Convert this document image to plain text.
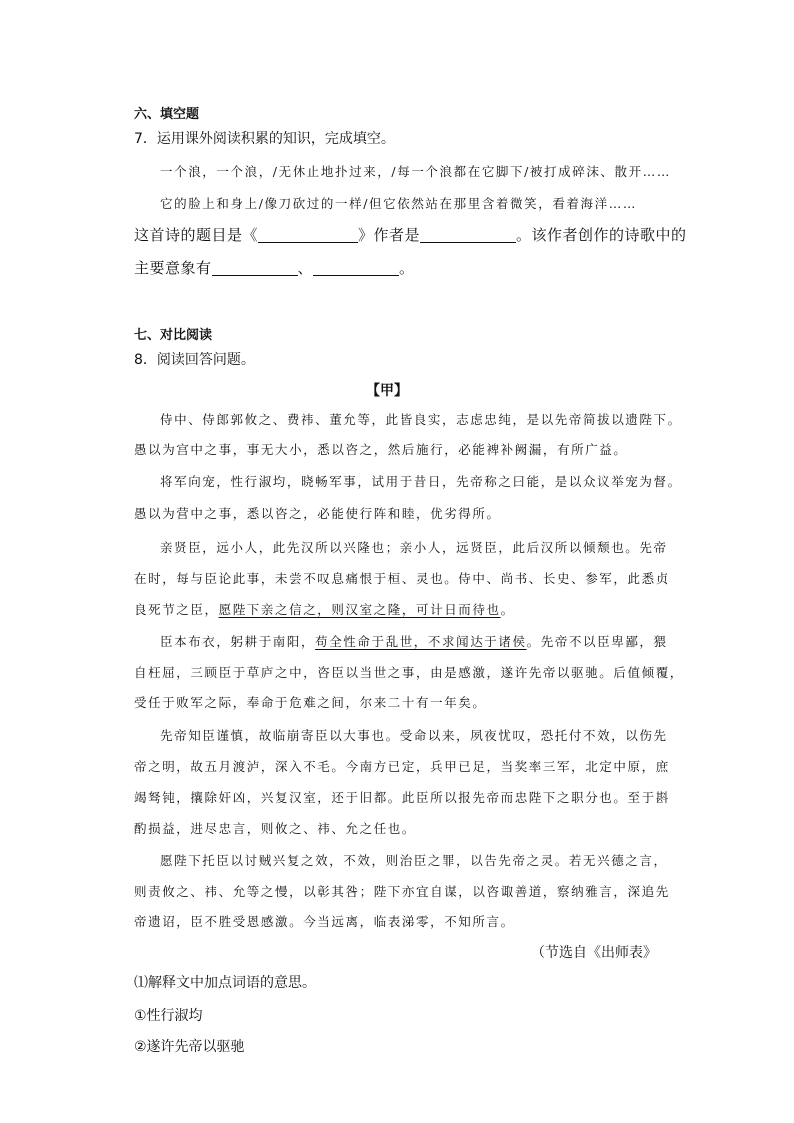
六、填空题
7．运用课外阅读积累的知识，完成填空。
一个浪，一个浪，/无休止地扑过来，/每一个浪都在它脚下/被打成碎沫、散开……
它的脸上和身上/像刀砍过的一样/但它依然站在那里含着微笑，看着海洋……
这首诗的题目是《	》作者是	。该作者创作的诗歌中的
主要意象有	、	。
七、对比阅读
8．阅读回答问题。
【甲】
侍中、侍郎郭攸之、费祎、董允等，此皆良实，志虑忠纯，是以先帝简拔以遗陛下。
愚以为宫中之事，事无大小，悉以咨之，然后施行，必能裨补阙漏，有所广益。
将军向宠，性行淑均，晓畅军事，试用于昔日，先帝称之曰能，是以众议举宠为督。
愚以为营中之事，悉以咨之，必能使行阵和睦，优劣得所。
亲贤臣，远小人，此先汉所以兴隆也；亲小人，远贤臣，此后汉所以倾颓也。先帝
在时，每与臣论此事，未尝不叹息痛恨于桓、灵也。侍中、尚书、长史、参军，此悉贞
良死节之臣，愿陛下亲之信之，则汉室之隆，可计日而待也。
臣本布衣，躬耕于南阳，苟全性命于乱世，不求闻达于诸侯。先帝不以臣卑鄙，猥
自枉屈，三顾臣于草庐之中，咨臣以当世之事，由是感激，遂许先帝以驱驰。后值倾覆，
受任于败军之际，奉命于危难之间，尔来二十有一年矣。
先帝知臣谨慎，故临崩寄臣以大事也。受命以来，夙夜忧叹，恐托付不效，以伤先
帝之明，故五月渡泸，深入不毛。今南方已定，兵甲已足，当奖率三军，北定中原，庶
竭驽钝，攘除奸凶，兴复汉室，还于旧都。此臣所以报先帝而忠陛下之职分也。至于斟
酌损益，进尽忠言，则攸之、祎、允之任也。
愿陛下托臣以讨贼兴复之效，不效，则治臣之罪，以告先帝之灵。若无兴德之言，
则责攸之、祎、允等之慢，以彰其咎；陛下亦宜自谋，以咨诹善道，察纳雅言，深追先
帝遗诏，臣不胜受恩感激。今当远离，临表涕零，不知所言。
（节选自《出师表》
⑴解释文中加点词语的意思。
①性行淑均
②遂许先帝以驱驰
